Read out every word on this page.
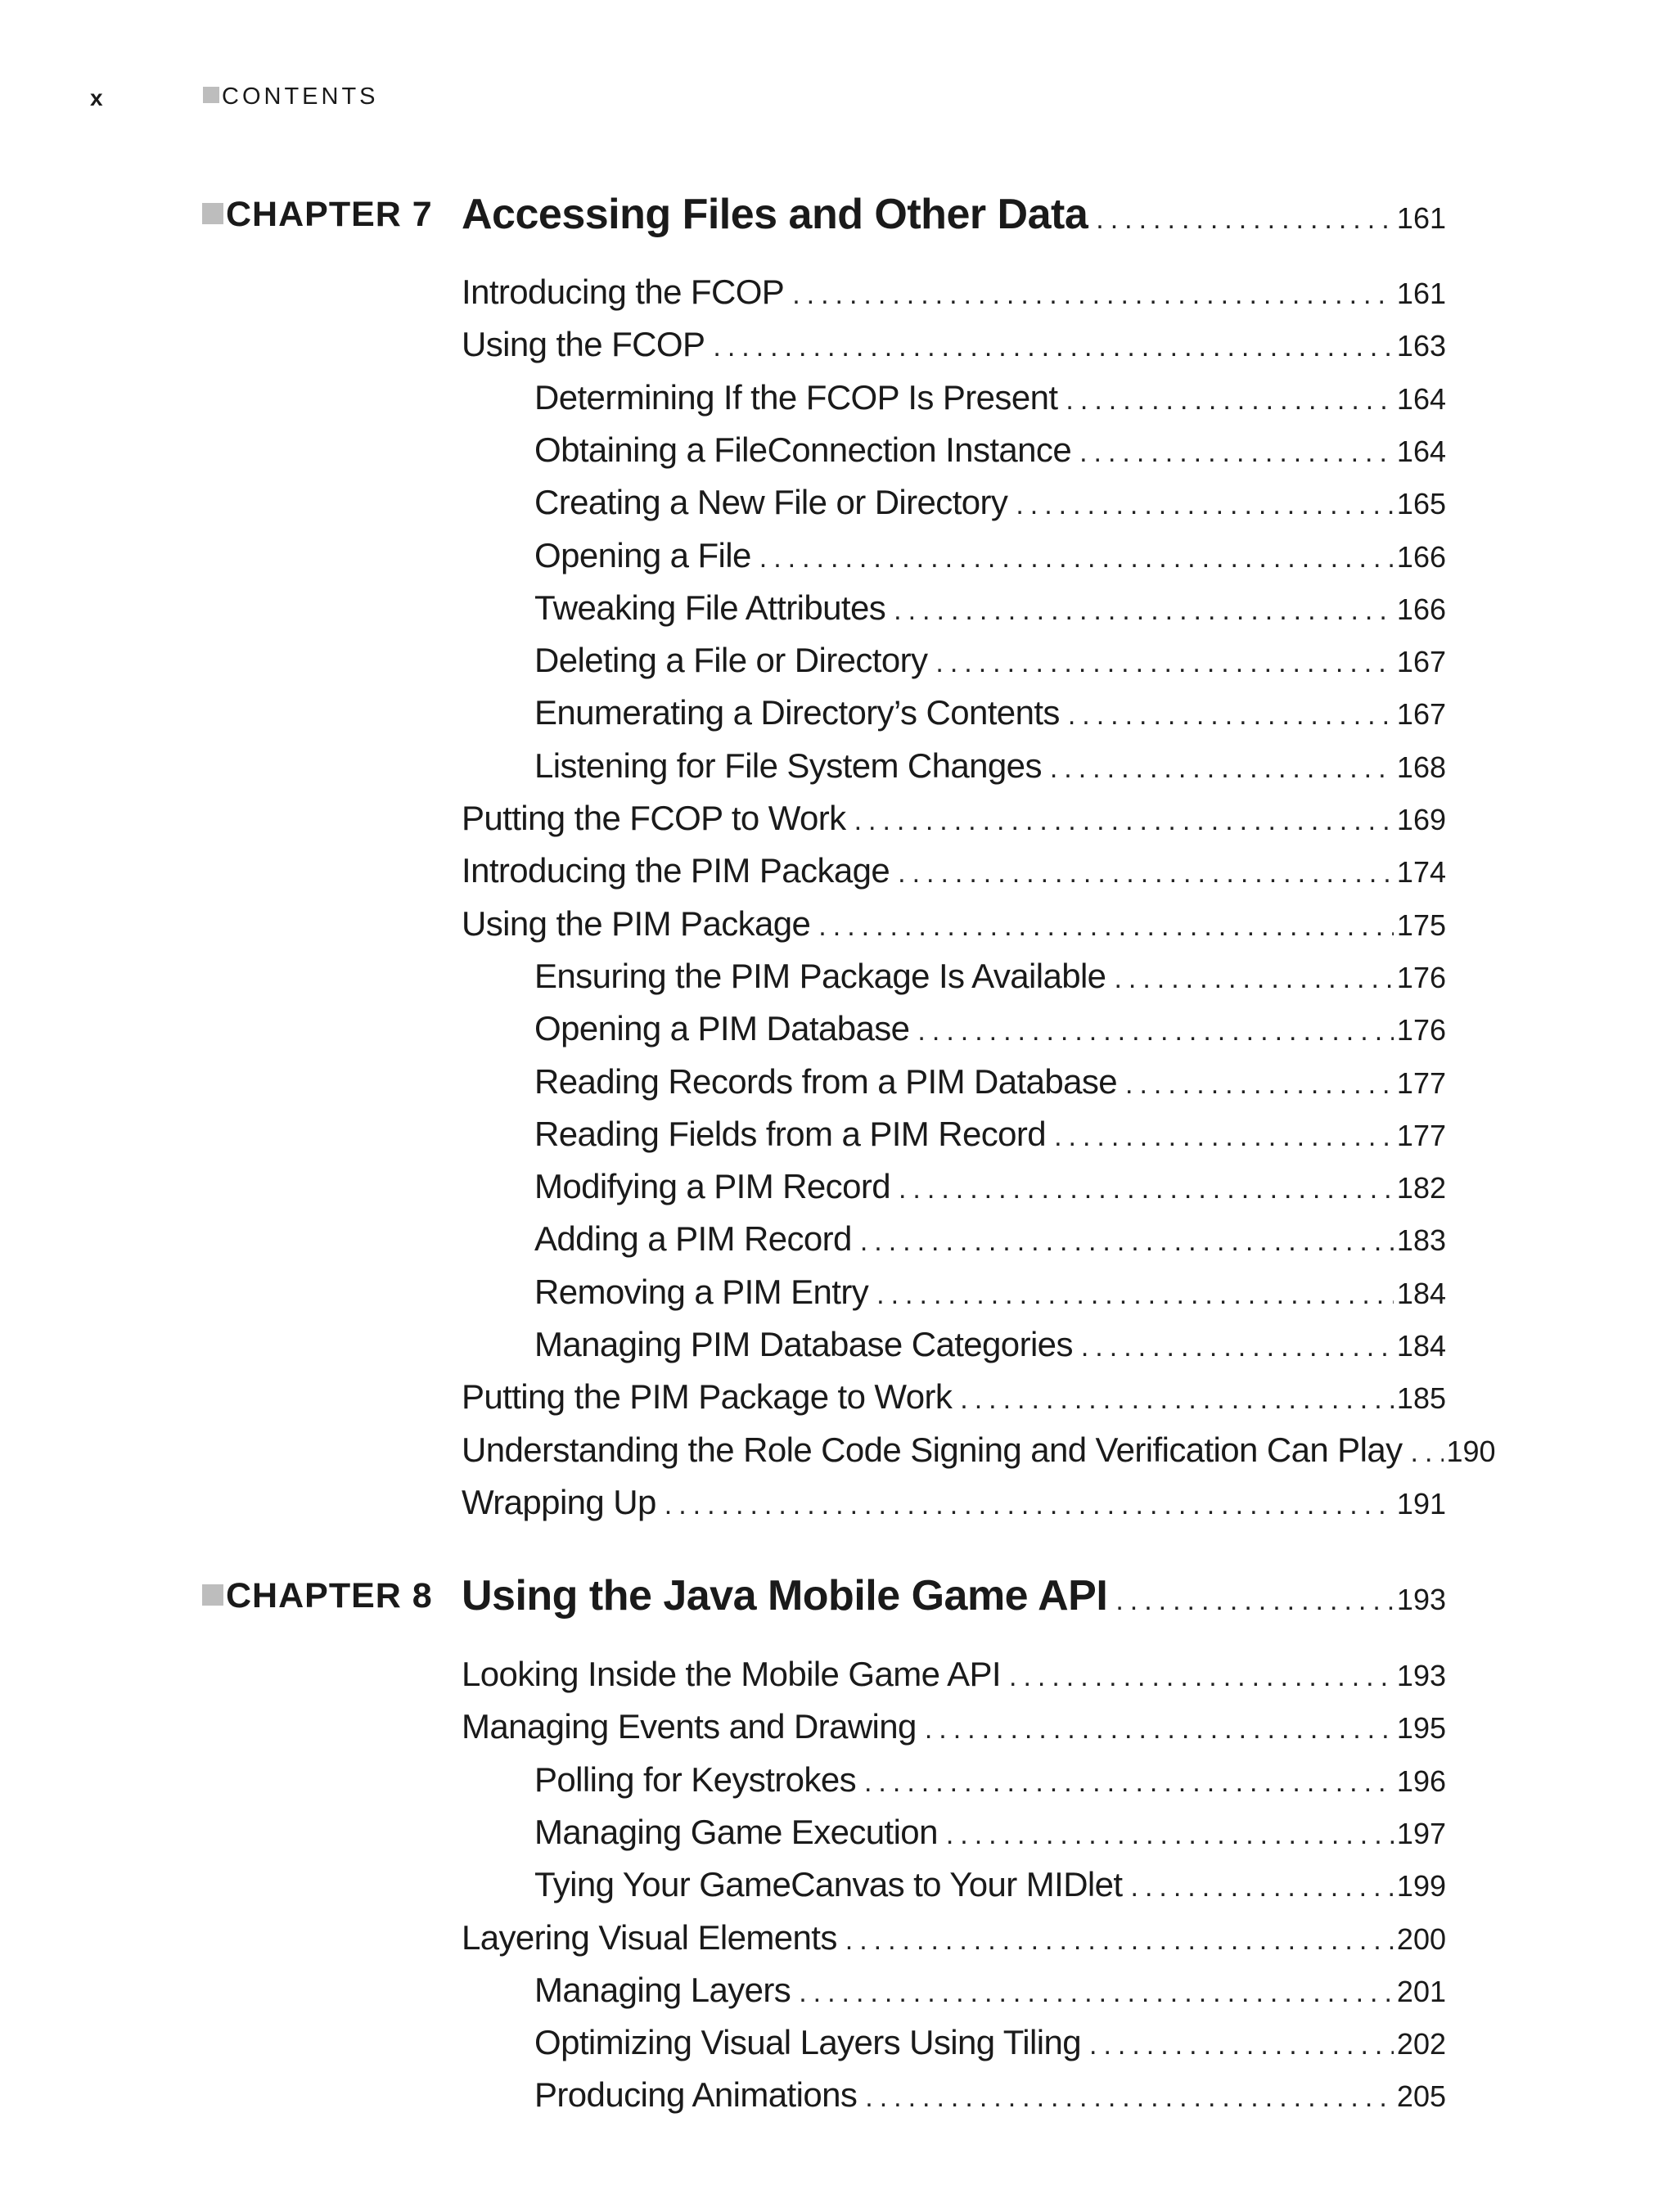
x	CONTENTS
CHAPTER 7 Accessing Files and Other Data .....	161
Introducing the FCOP .....	161
Using the FCOP .....	163
Determining If the FCOP Is Present .....	164
Obtaining a FileConnection Instance .....	164
Creating a New File or Directory .....	165
Opening a File .....	166
Tweaking File Attributes .....	166
Deleting a File or Directory .....	167
Enumerating a Directory’s Contents .....	167
Listening for File System Changes .....	168
Putting the FCOP to Work .....	169
Introducing the PIM Package .....	174
Using the PIM Package .....	175
Ensuring the PIM Package Is Available .....	176
Opening a PIM Database .....	176
Reading Records from a PIM Database .....	177
Reading Fields from a PIM Record .....	177
Modifying a PIM Record .....	182
Adding a PIM Record .....	183
Removing a PIM Entry .....	184
Managing PIM Database Categories .....	184
Putting the PIM Package to Work .....	185
Understanding the Role Code Signing and Verification Can Play ..... 190
Wrapping Up .....	191
CHAPTER 8 Using the Java Mobile Game API .....	193
Looking Inside the Mobile Game API .....	193
Managing Events and Drawing .....	195
Polling for Keystrokes .....	196
Managing Game Execution .....	197
Tying Your GameCanvas to Your MIDlet .....	199
Layering Visual Elements .....	200
Managing Layers .....	201
Optimizing Visual Layers Using Tiling .....	202
Producing Animations .....	205
